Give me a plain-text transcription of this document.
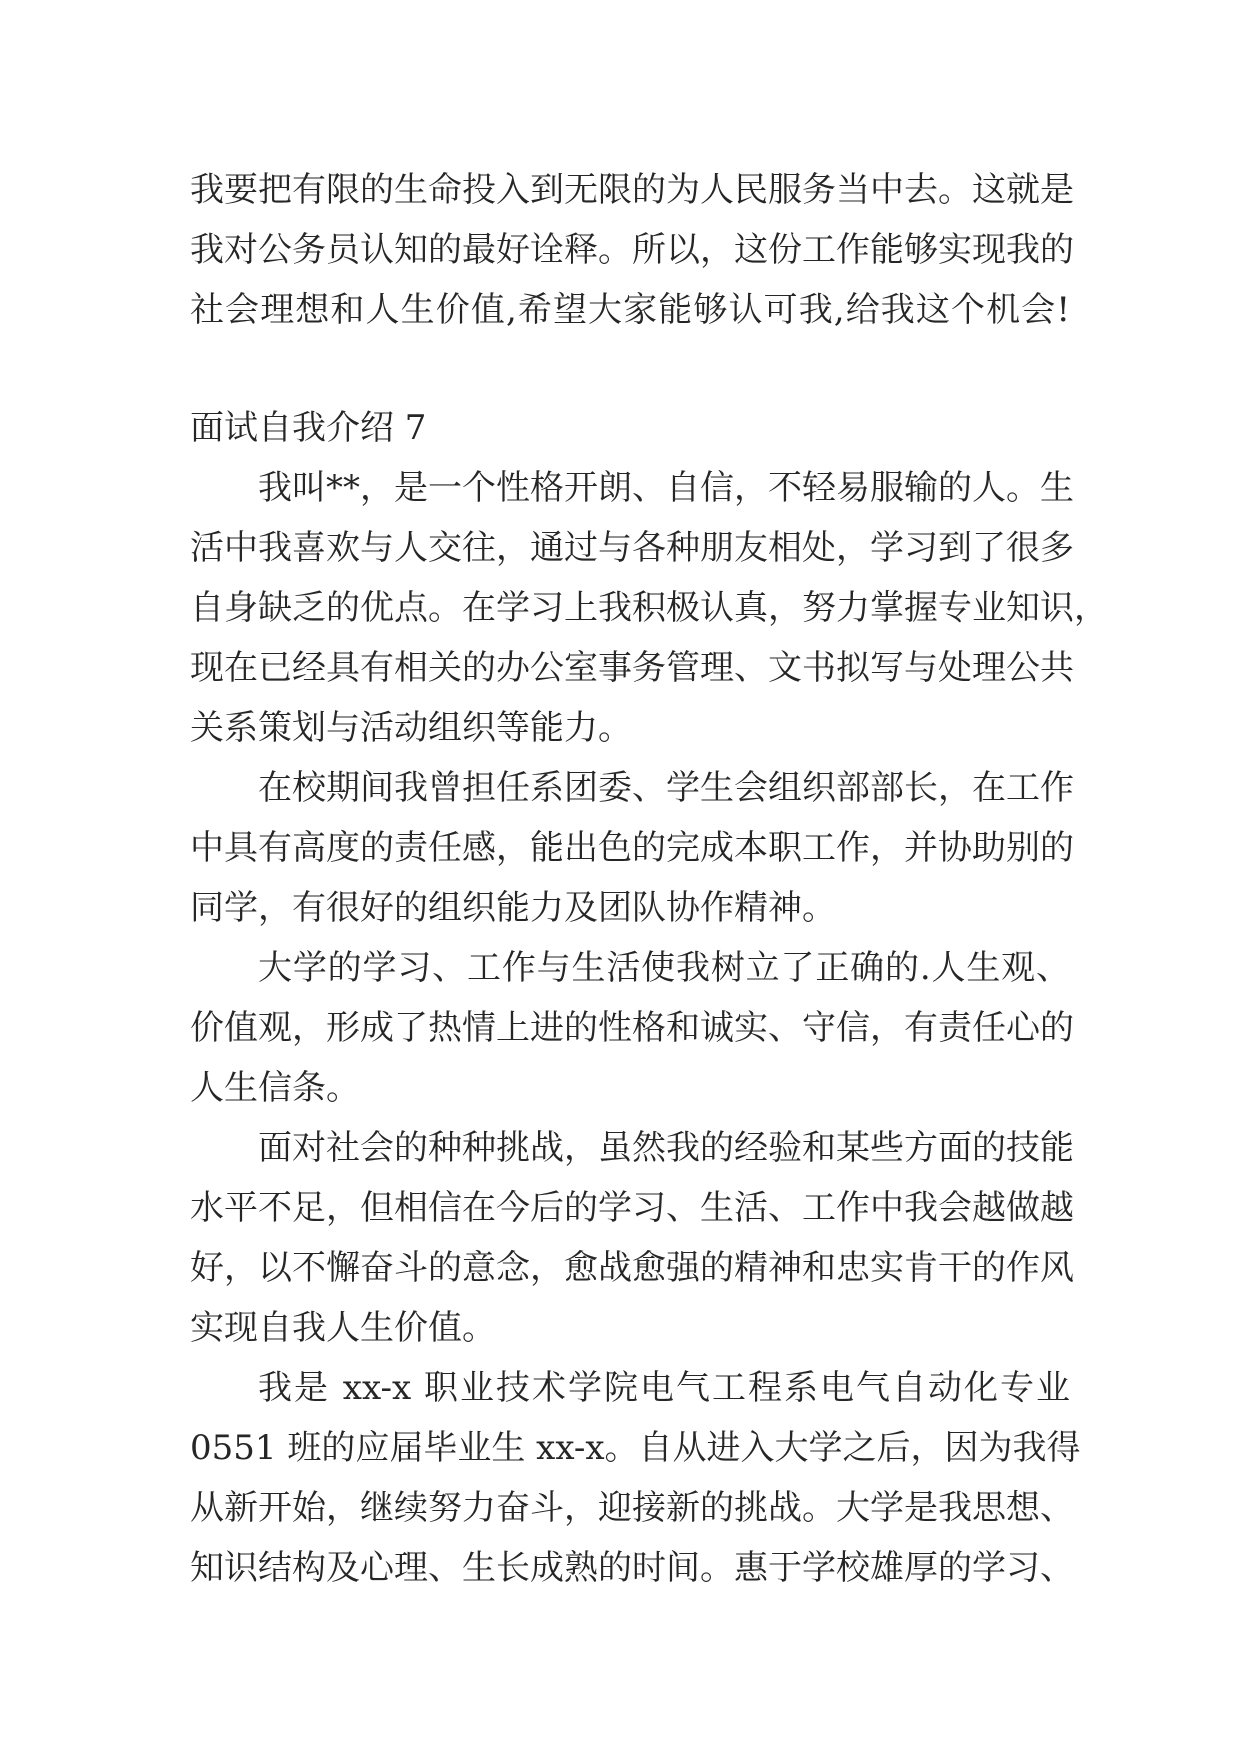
我要把有限的生命投入到无限的为人民服务当中去。这就是
我对公务员认知的最好诠释。所以，这份工作能够实现我的
社会理想和人生价值,希望大家能够认可我,给我这个机会!
面试自我介绍 7
我叫**，是一个性格开朗、自信，不轻易服输的人。生
活中我喜欢与人交往，通过与各种朋友相处，学习到了很多
自身缺乏的优点。在学习上我积极认真，努力掌握专业知识，
现在已经具有相关的办公室事务管理、文书拟写与处理公共
关系策划与活动组织等能力。
在校期间我曾担任系团委、学生会组织部部长，在工作
中具有高度的责任感，能出色的完成本职工作，并协助别的
同学，有很好的组织能力及团队协作精神。
大学的学习、工作与生活使我树立了正确的.人生观、
价值观，形成了热情上进的性格和诚实、守信，有责任心的
人生信条。
面对社会的种种挑战，虽然我的经验和某些方面的技能
水平不足，但相信在今后的学习、生活、工作中我会越做越
好，以不懈奋斗的意念，愈战愈强的精神和忠实肯干的作风
实现自我人生价值。
我是 xx-x 职业技术学院电气工程系电气自动化专业
0551 班的应届毕业生 xx-x。自从进入大学之后，因为我得
从新开始，继续努力奋斗，迎接新的挑战。大学是我思想、
知识结构及心理、生长成熟的时间。惠于学校雄厚的学习、
